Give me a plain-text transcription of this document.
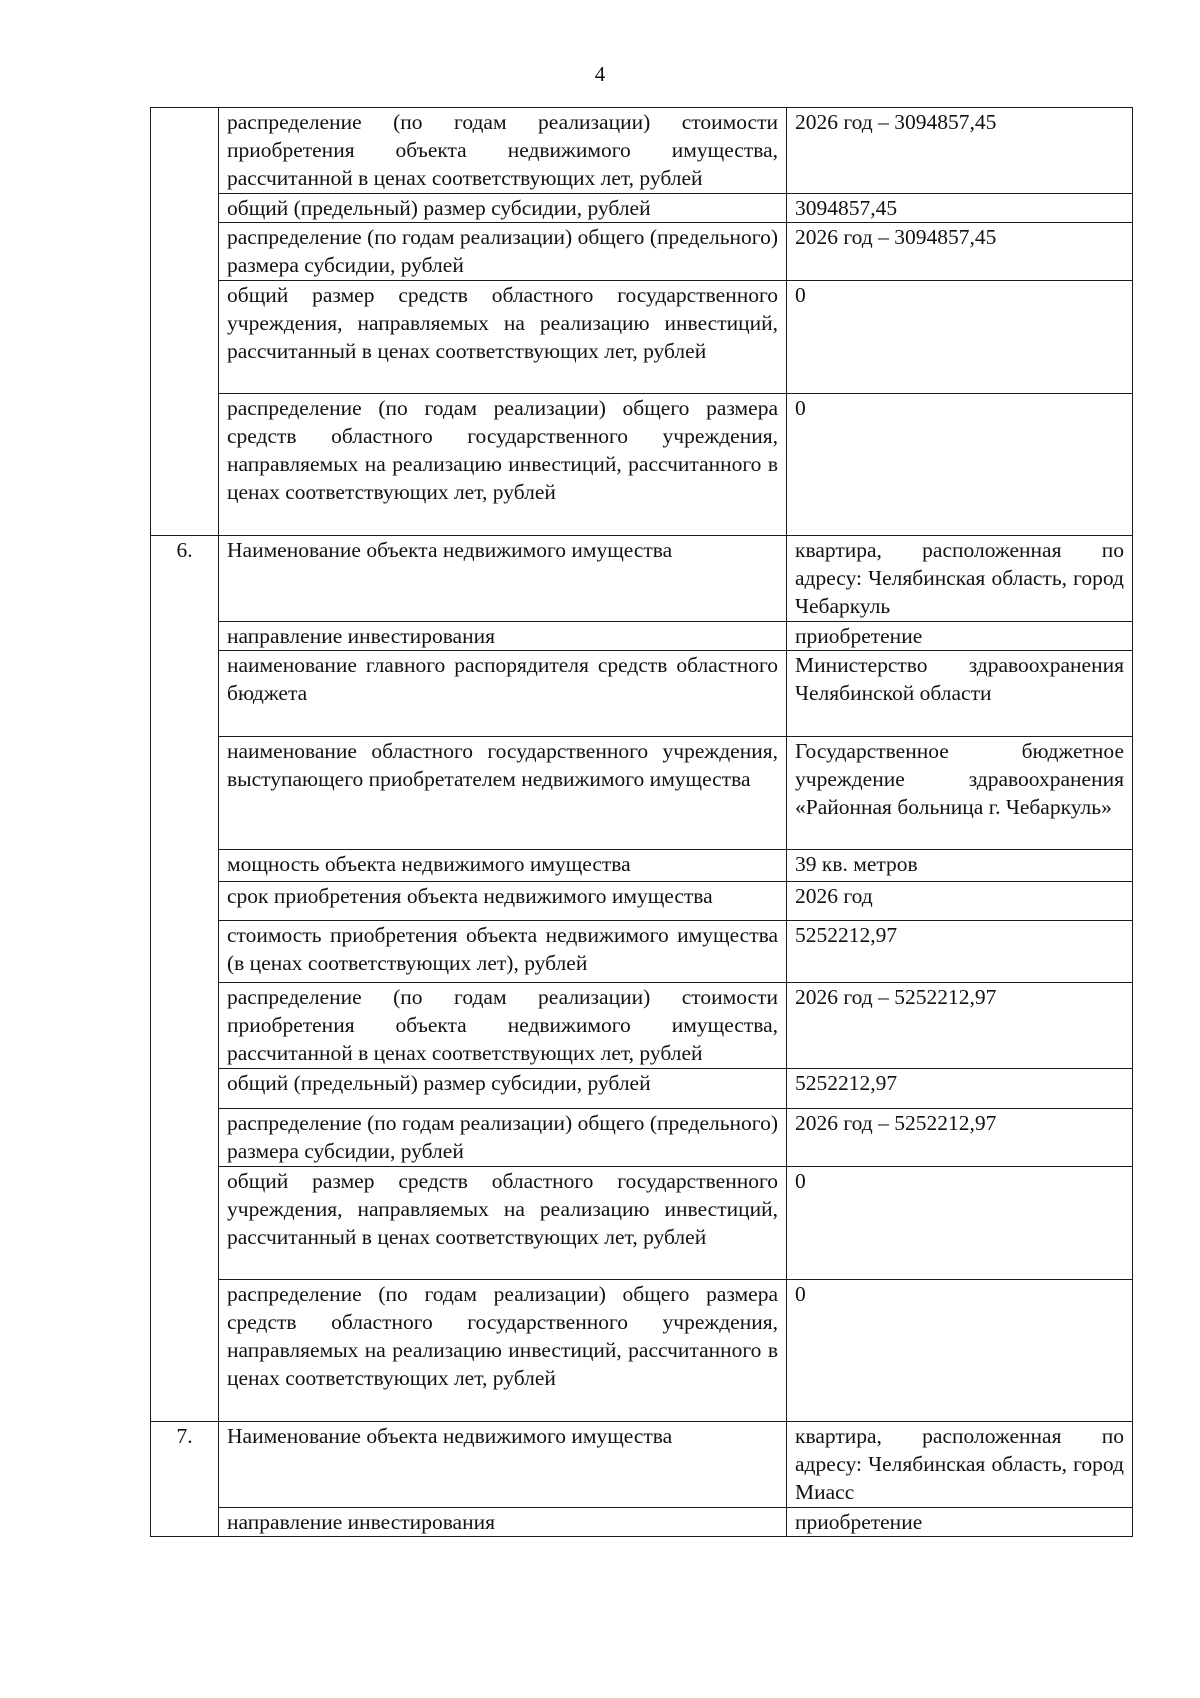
4
	распределение (по годам реализации) стоимости приобретения объекта недвижимого имущества, рассчитанной в ценах соответствующих лет, рублей	2026 год – 3094857,45
	общий (предельный) размер субсидии, рублей	3094857,45
	распределение (по годам реализации) общего (предельного) размера субсидии, рублей	2026 год – 3094857,45
	общий размер средств областного государственного учреждения, направляемых на реализацию инвестиций, рассчитанный в ценах соответствующих лет, рублей	0
	распределение (по годам реализации) общего размера средств областного государственного учреждения, направляемых на реализацию инвестиций, рассчитанного в ценах соответствующих лет, рублей	0
6.	Наименование объекта недвижимого имущества	квартира, расположенная по адресу: Челябинская область, город Чебаркуль
	направление инвестирования	приобретение
	наименование главного распорядителя средств областного бюджета	Министерство здравоохранения Челябинской области
	наименование областного государственного учреждения, выступающего приобретателем недвижимого имущества	Государственное бюджетное учреждение здравоохранения «Районная больница г. Чебаркуль»
	мощность объекта недвижимого имущества	39 кв. метров
	срок приобретения объекта недвижимого имущества	2026 год
	стоимость приобретения объекта недвижимого имущества (в ценах соответствующих лет), рублей	5252212,97
	распределение (по годам реализации) стоимости приобретения объекта недвижимого имущества, рассчитанной в ценах соответствующих лет, рублей	2026 год – 5252212,97
	общий (предельный) размер субсидии, рублей	5252212,97
	распределение (по годам реализации) общего (предельного) размера субсидии, рублей	2026 год – 5252212,97
	общий размер средств областного государственного учреждения, направляемых на реализацию инвестиций, рассчитанный в ценах соответствующих лет, рублей	0
	распределение (по годам реализации) общего размера средств областного государственного учреждения, направляемых на реализацию инвестиций, рассчитанного в ценах соответствующих лет, рублей	0
7.	Наименование объекта недвижимого имущества	квартира, расположенная по адресу: Челябинская область, город Миасс
	направление инвестирования	приобретение
